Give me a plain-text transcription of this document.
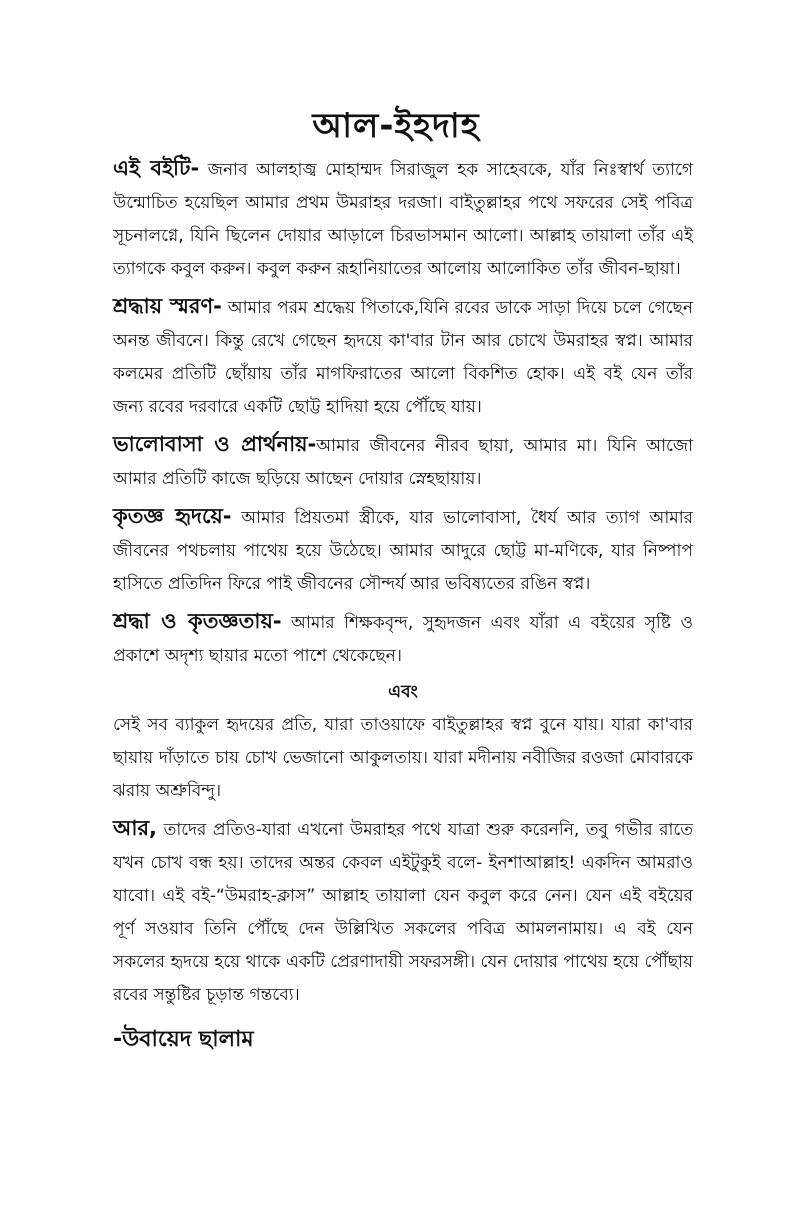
আল-ইহদাহ

এই বইটি- জনাব আলহাজ্ব মোহাম্মদ সিরাজুল হক সাহেবকে, যাঁর নিঃস্বার্থ ত্যাগে উন্মোচিত হয়েছিল আমার প্রথম উমরাহর দরজা। বাইতুল্লাহর পথে সফরের সেই পবিত্র সূচনালগ্নে, যিনি ছিলেন দোয়ার আড়ালে চিরভাসমান আলো। আল্লাহ তায়ালা তাঁর এই ত্যাগকে কবুল করুন। কবুল করুন রূহানিয়াতের আলোয় আলোকিত তাঁর জীবন-ছায়া।

শ্রদ্ধায় স্মরণ- আমার পরম শ্রদ্ধেয় পিতাকে,যিনি রবের ডাকে সাড়া দিয়ে চলে গেছেন অনন্ত জীবনে। কিন্তু রেখে গেছেন হৃদয়ে কা'বার টান আর চোখে উমরাহর স্বপ্ন। আমার কলমের প্রতিটি ছোঁয়ায় তাঁর মাগফিরাতের আলো বিকশিত হোক। এই বই যেন তাঁর জন্য রবের দরবারে একটি ছোট্ট হাদিয়া হয়ে পৌঁছে যায়।

ভালোবাসা ও প্রার্থনায়-আমার জীবনের নীরব ছায়া, আমার মা। যিনি আজো আমার প্রতিটি কাজে ছড়িয়ে আছেন দোয়ার স্নেহছায়ায়।

কৃতজ্ঞ হৃদয়ে- আমার প্রিয়তমা স্ত্রীকে, যার ভালোবাসা, ধৈর্য আর ত্যাগ আমার জীবনের পথচলায় পাথেয় হয়ে উঠেছে। আমার আদুরে ছোট্ট মা-মণিকে, যার নিষ্পাপ হাসিতে প্রতিদিন ফিরে পাই জীবনের সৌন্দর্য আর ভবিষ্যতের রঙিন স্বপ্ন।

শ্রদ্ধা ও কৃতজ্ঞতায়- আমার শিক্ষকবৃন্দ, সুহৃদজন এবং যাঁরা এ বইয়ের সৃষ্টি ও প্রকাশে অদৃশ্য ছায়ার মতো পাশে থেকেছেন।

এবং

সেই সব ব্যাকুল হৃদয়ের প্রতি, যারা তাওয়াফে বাইতুল্লাহর স্বপ্ন বুনে যায়। যারা কা'বার ছায়ায় দাঁড়াতে চায় চোখ ভেজানো আকুলতায়। যারা মদীনায় নবীজির রওজা মোবারকে ঝরায় অশ্রুবিন্দু।

আর, তাদের প্রতিও-যারা এখনো উমরাহর পথে যাত্রা শুরু করেননি, তবু গভীর রাতে যখন চোখ বন্ধ হয়। তাদের অন্তর কেবল এইটুকুই বলে- ইনশাআল্লাহ! একদিন আমরাও যাবো। এই বই-“উমরাহ-ক্লাস” আল্লাহ তায়ালা যেন কবুল করে নেন। যেন এই বইয়ের পূর্ণ সওয়াব তিনি পৌঁছে দেন উল্লিখিত সকলের পবিত্র আমলনামায়। এ বই যেন সকলের হৃদয়ে হয়ে থাকে একটি প্রেরণাদায়ী সফরসঙ্গী। যেন দোয়ার পাথেয় হয়ে পৌঁছায় রবের সন্তুষ্টির চূড়ান্ত গন্তব্যে।

-উবায়েদ ছালাম
